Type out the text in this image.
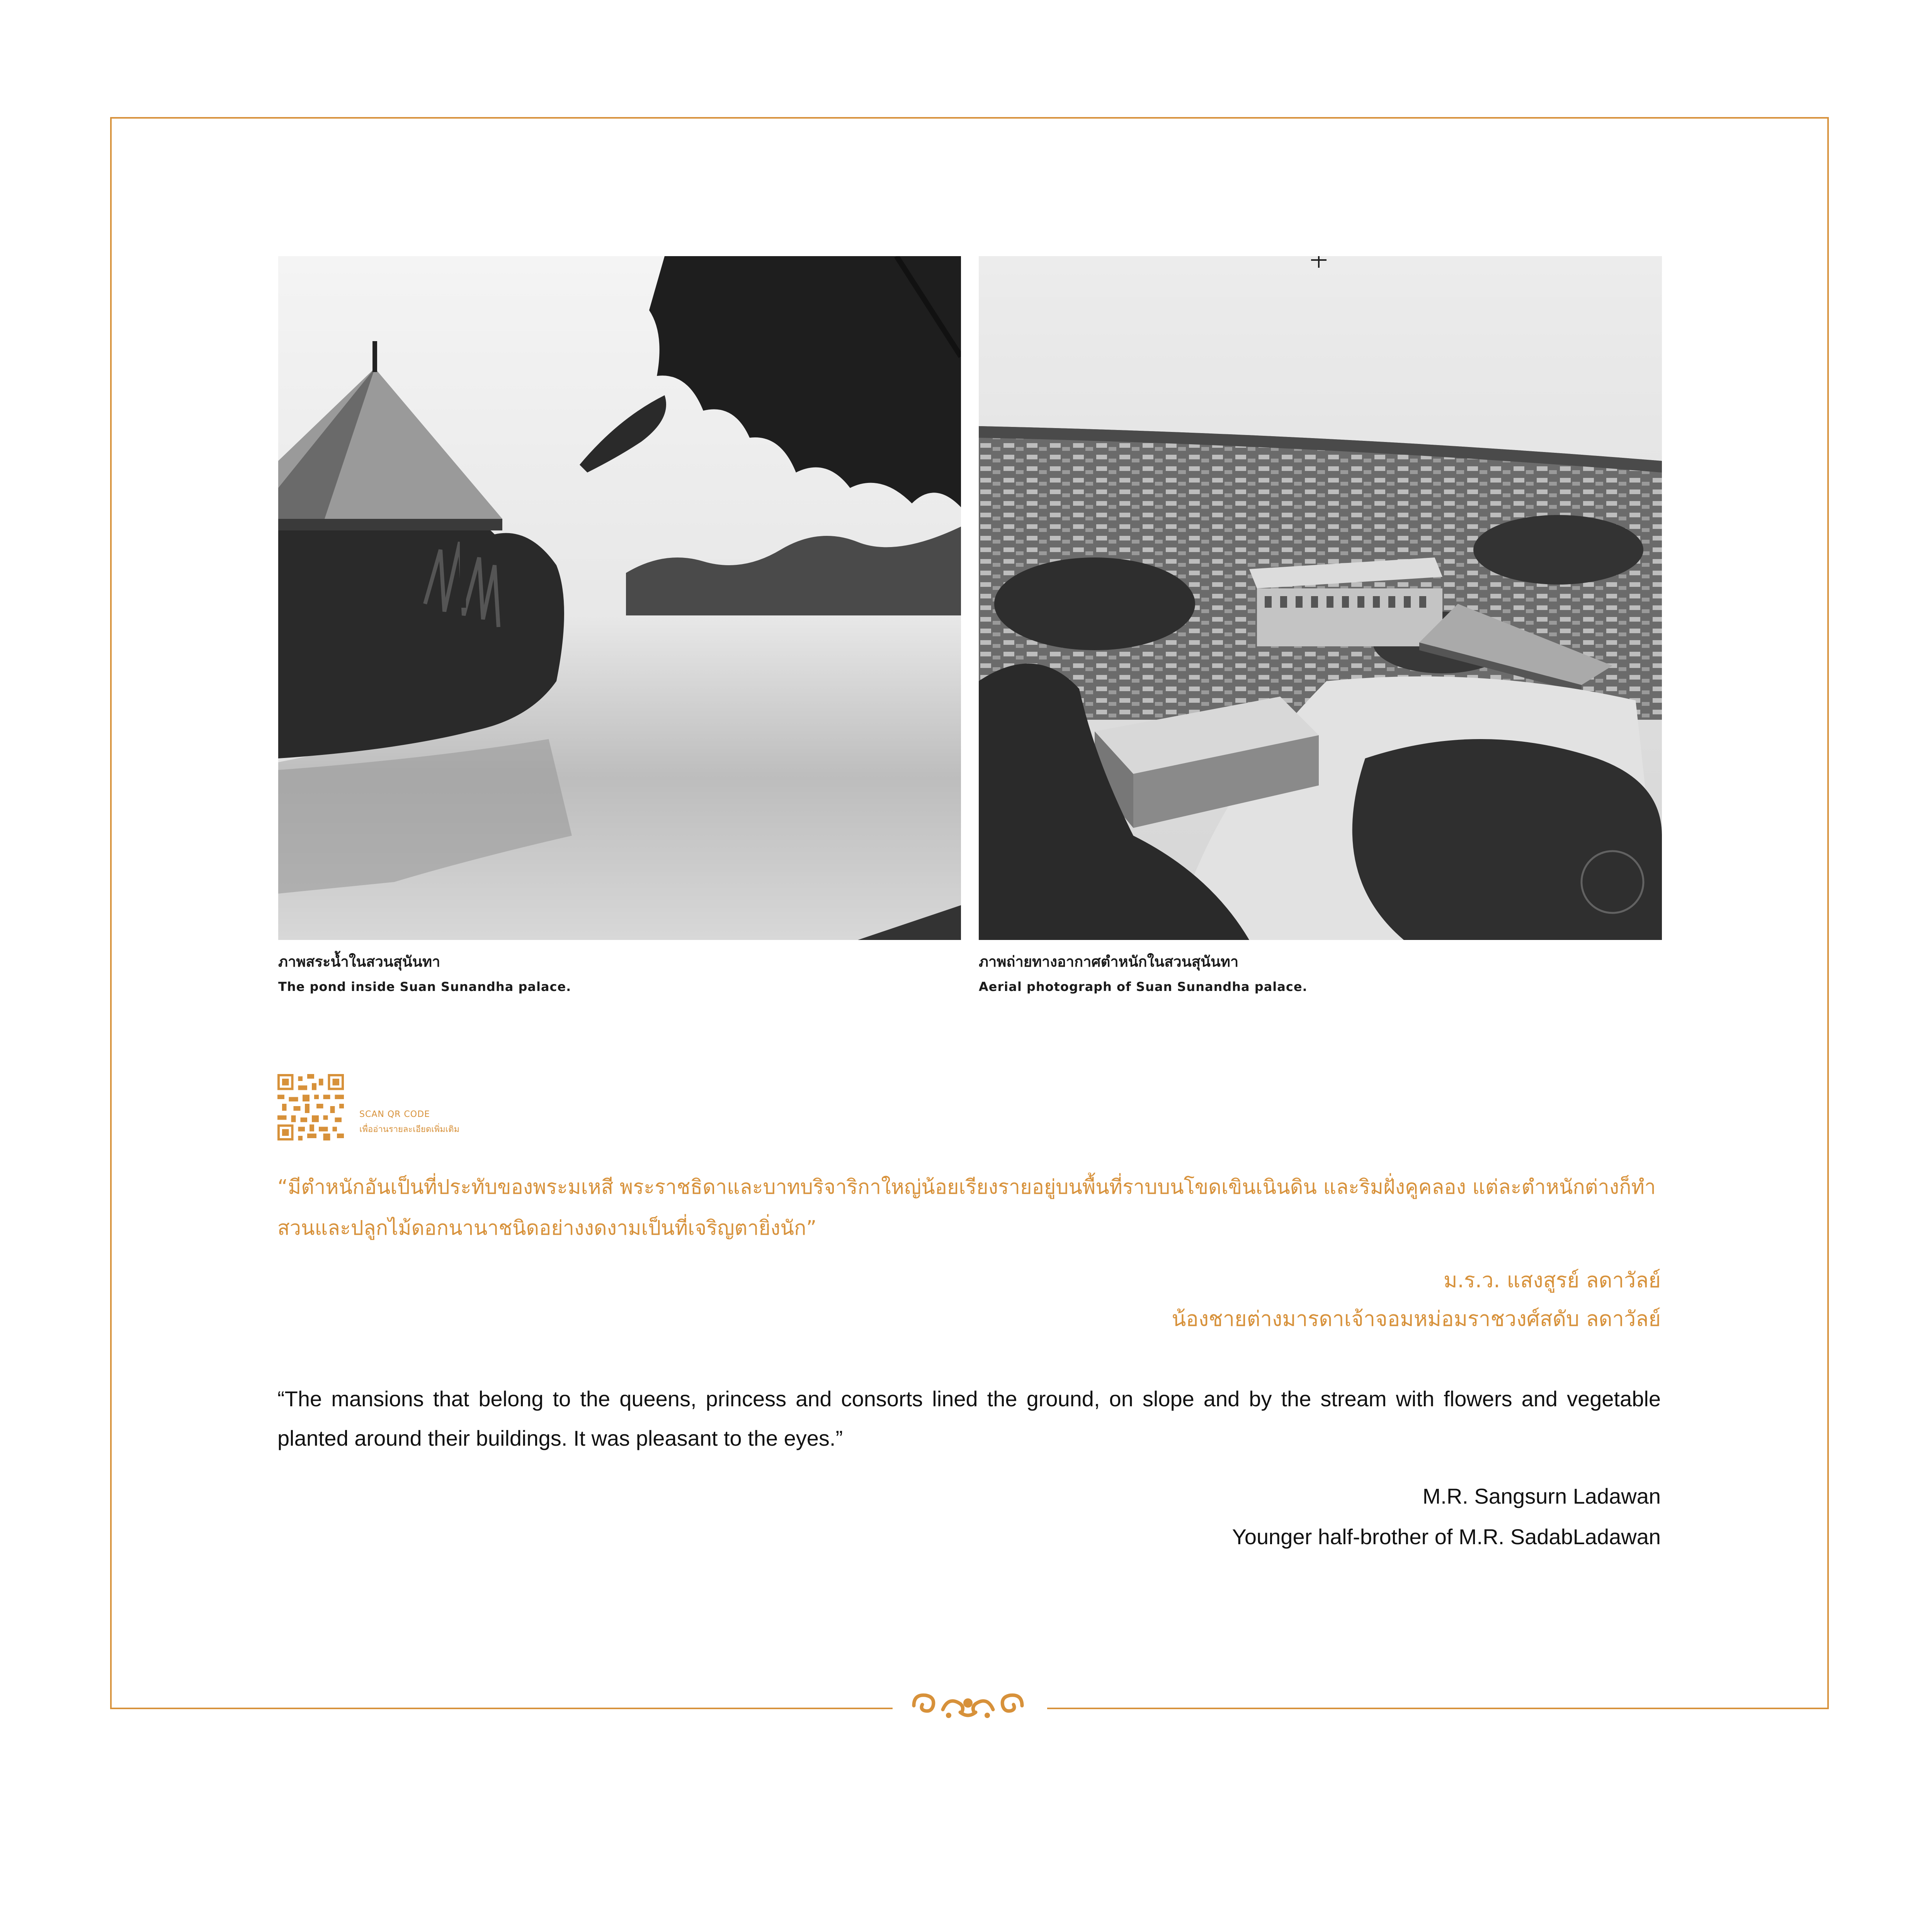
ภาพสระน้ำในสวนสุนันทา
The pond inside Suan Sunandha palace.
ภาพถ่ายทางอากาศตำหนักในสวนสุนันทา
Aerial photograph of Suan Sunandha palace.
SCAN QR CODE
เพื่ออ่านรายละเอียดเพิ่มเติม
“มีตำหนักอันเป็นที่ประทับของพระมเหสี พระราชธิดาและบาทบริจาริกาใหญ่น้อยเรียงรายอยู่บนพื้นที่ราบบนโขดเขินเนินดิน และริมฝั่งคูคลอง แต่ละตำหนักต่างก็ทำสวนและปลูกไม้ดอกนานาชนิดอย่างงดงามเป็นที่เจริญตายิ่งนัก”
ม.ร.ว. แสงสูรย์ ลดาวัลย์
น้องชายต่างมารดาเจ้าจอมหม่อมราชวงศ์สดับ ลดาวัลย์
“The mansions that belong to the queens, princess and consorts lined the ground, on slope and by the stream with flowers and vegetable planted around their buildings. It was pleasant to the eyes.”
M.R. Sangsurn Ladawan
Younger half-brother of M.R. SadabLadawan
